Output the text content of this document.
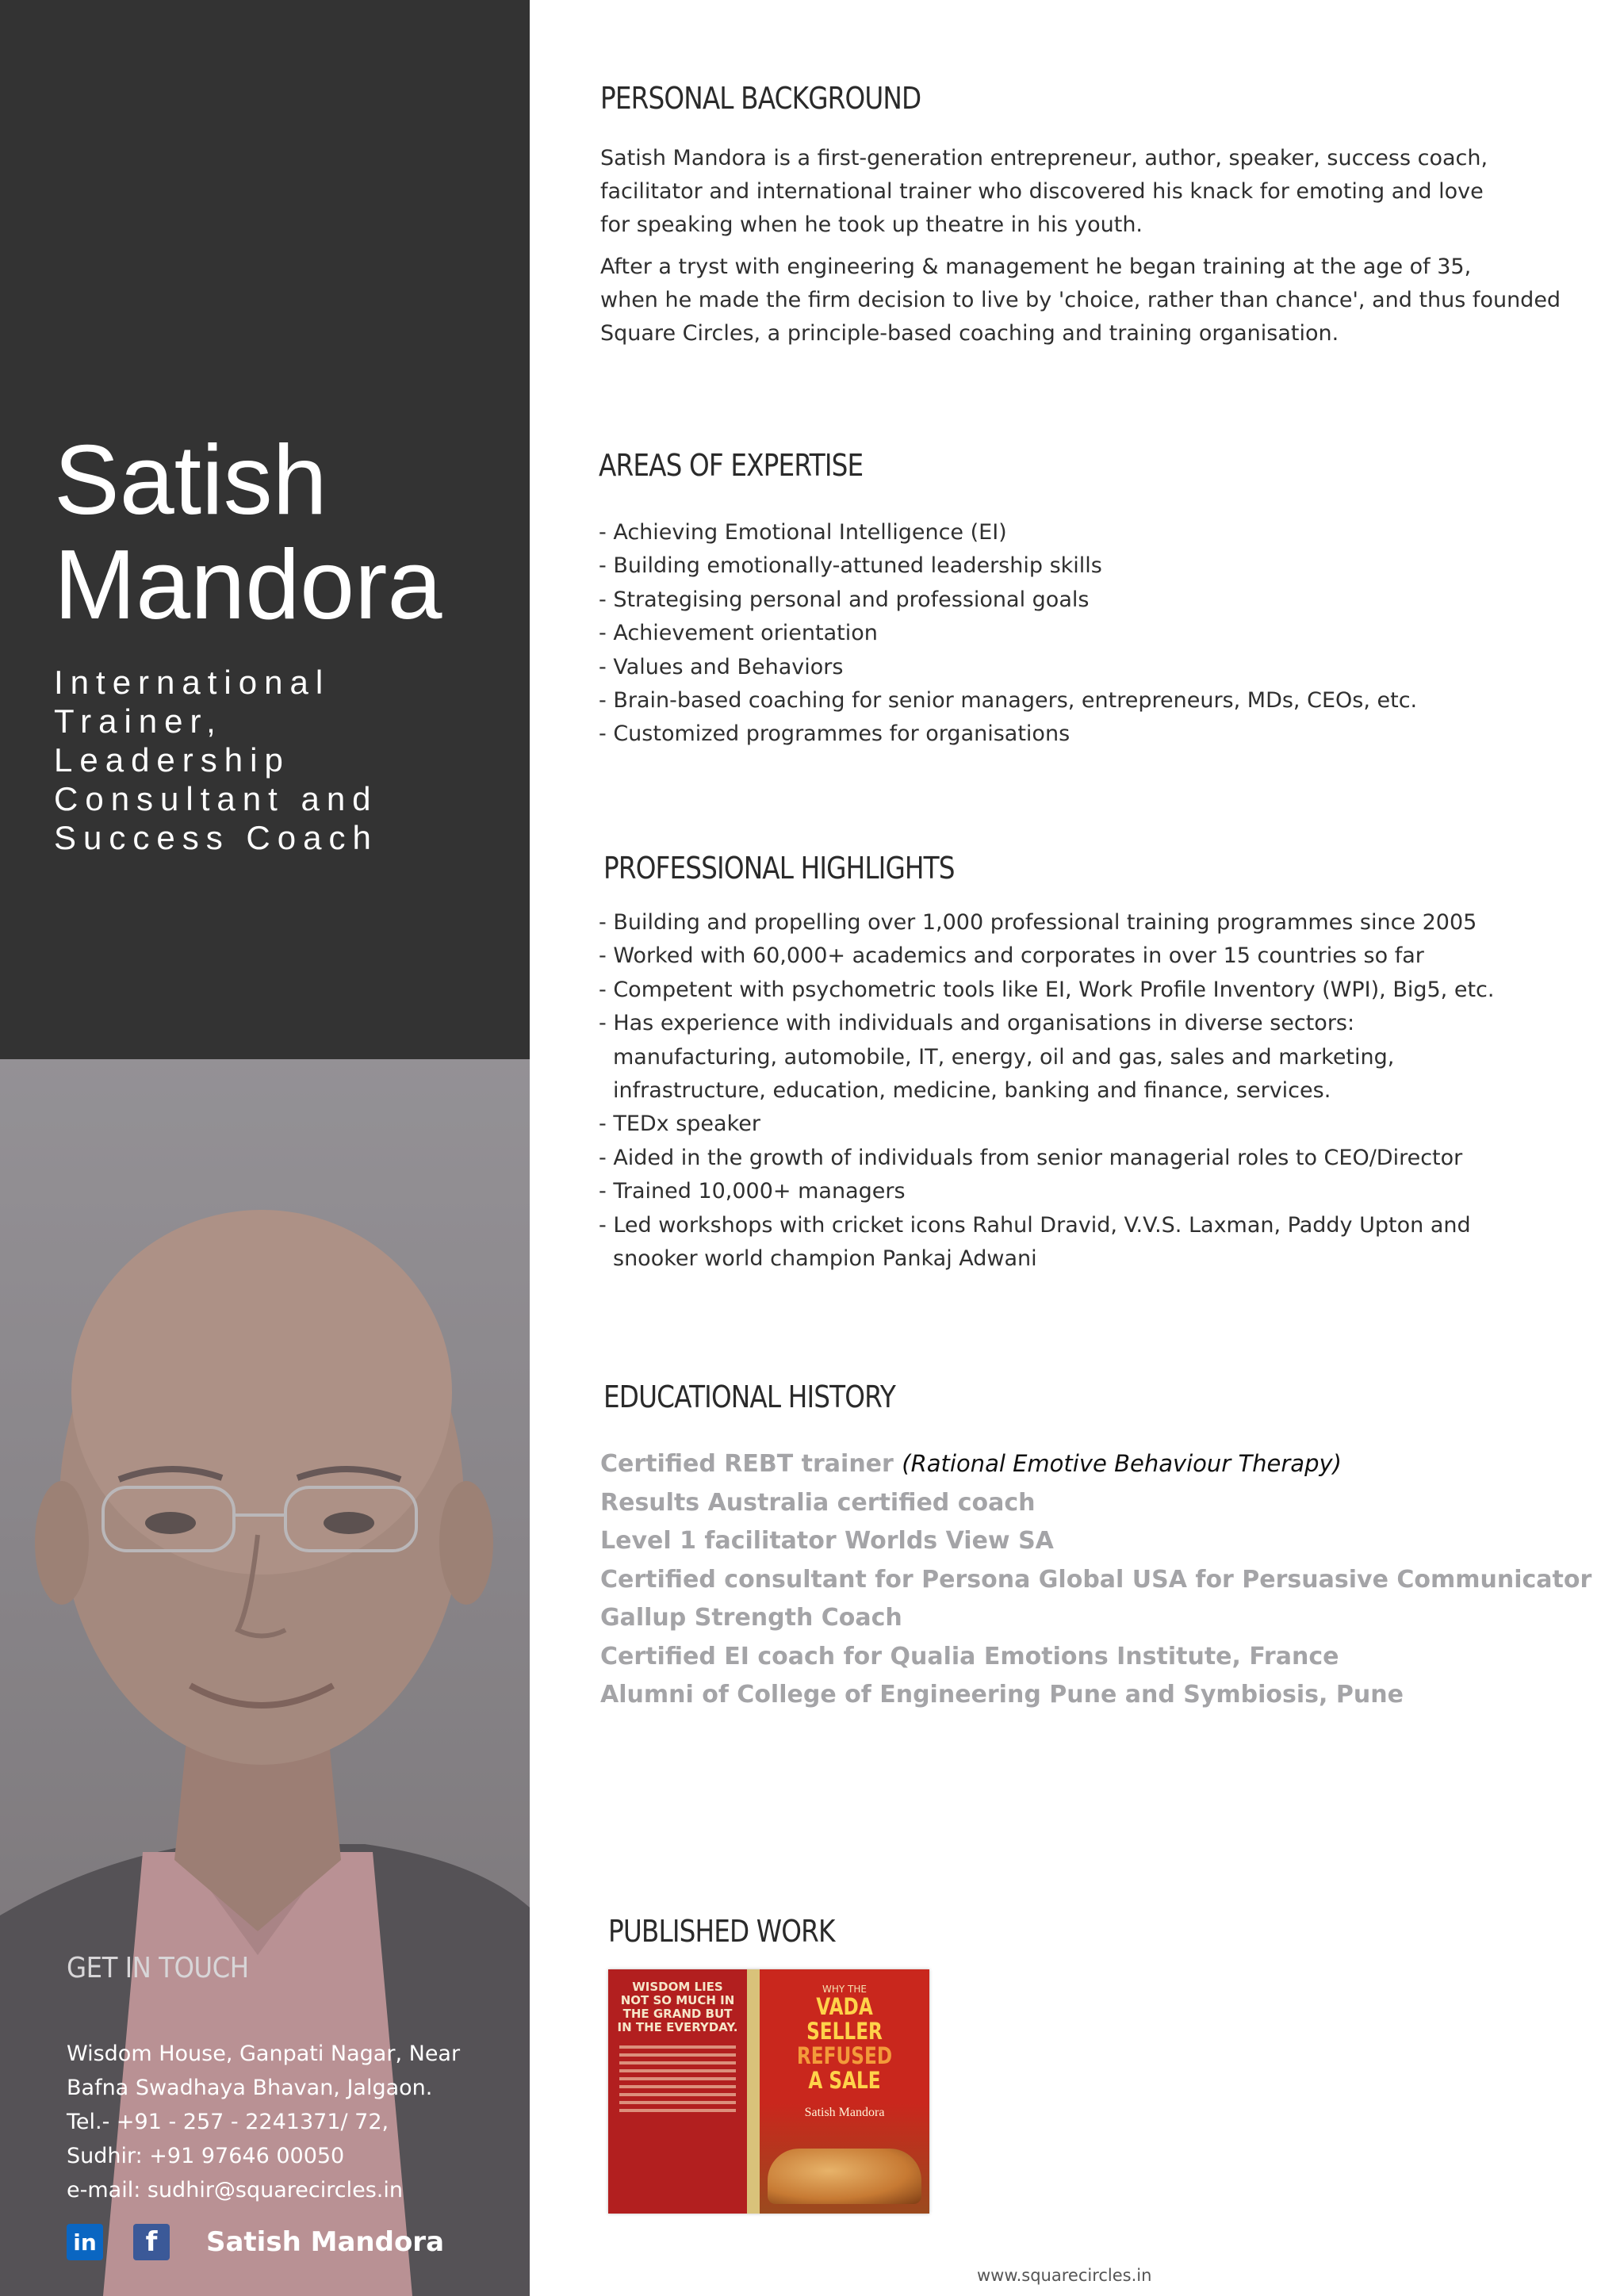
Satish
Mandora
International
Trainer,
Leadership
Consultant and
Success Coach
GET IN TOUCH
Wisdom House, Ganpati Nagar, Near
Bafna Swadhaya Bhavan, Jalgaon.
Tel.- +91 - 257 - 2241371/ 72,
Sudhir: +91 97646 00050
e-mail: sudhir@squarecircles.in
in	f	Satish Mandora
PERSONAL BACKGROUND
Satish Mandora is a first-generation entrepreneur, author, speaker, success coach,
facilitator and international trainer who discovered his knack for emoting and love
for speaking when he took up theatre in his youth.
After a tryst with engineering & management he began training at the age of 35,
when he made the firm decision to live by 'choice, rather than chance', and thus founded
Square Circles, a principle-based coaching and training organisation.
AREAS OF EXPERTISE
- Achieving Emotional Intelligence (EI)
- Building emotionally-attuned leadership skills
- Strategising personal and professional goals
- Achievement orientation
- Values and Behaviors
- Brain-based coaching for senior managers, entrepreneurs, MDs, CEOs, etc.
- Customized programmes for organisations
PROFESSIONAL HIGHLIGHTS
- Building and propelling over 1,000 professional training programmes since 2005
- Worked with 60,000+ academics and corporates in over 15 countries so far
- Competent with psychometric tools like EI, Work Profile Inventory (WPI), Big5, etc.
- Has experience with individuals and organisations in diverse sectors:
manufacturing, automobile, IT, energy, oil and gas, sales and marketing,
infrastructure, education, medicine, banking and finance, services.
- TEDx speaker
- Aided in the growth of individuals from senior managerial roles to CEO/Director
- Trained 10,000+ managers
- Led workshops with cricket icons Rahul Dravid, V.V.S. Laxman, Paddy Upton and
snooker world champion Pankaj Adwani
EDUCATIONAL HISTORY
Certified REBT trainer (Rational Emotive Behaviour Therapy)
Results Australia certified coach
Level 1 facilitator Worlds View SA
Certified consultant for Persona Global USA for Persuasive Communicator
Gallup Strength Coach
Certified EI coach for Qualia Emotions Institute, France
Alumni of College of Engineering Pune and Symbiosis, Pune
PUBLISHED WORK
WISDOM LIES NOT SO MUCH IN THE GRAND BUT IN THE EVERYDAY.
WHY THE
VADA SELLER
REFUSED
A SALE
Satish Mandora
www.squarecircles.in
